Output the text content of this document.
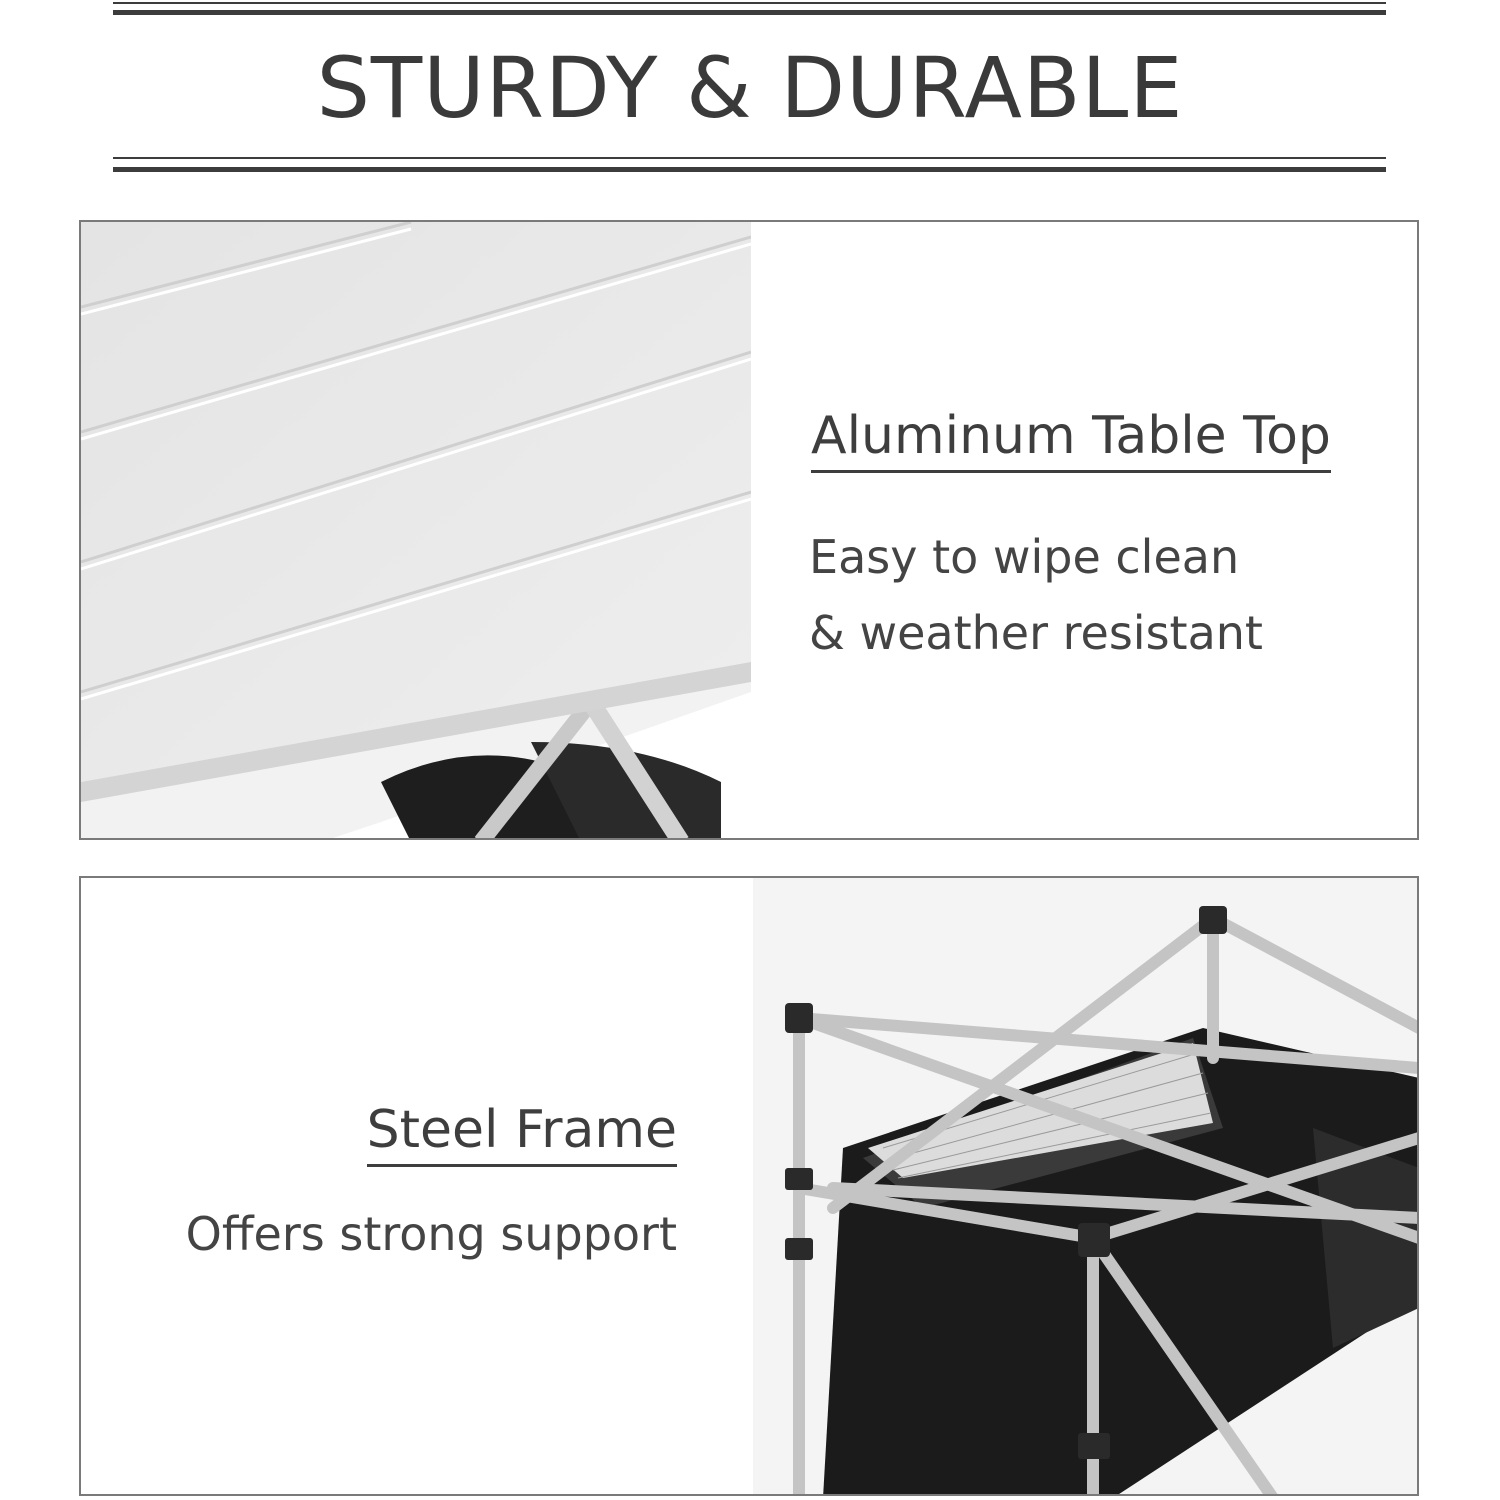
STURDY & DURABLE
Aluminum Table Top
Easy to wipe clean
& weather resistant
Steel Frame
Offers strong support
